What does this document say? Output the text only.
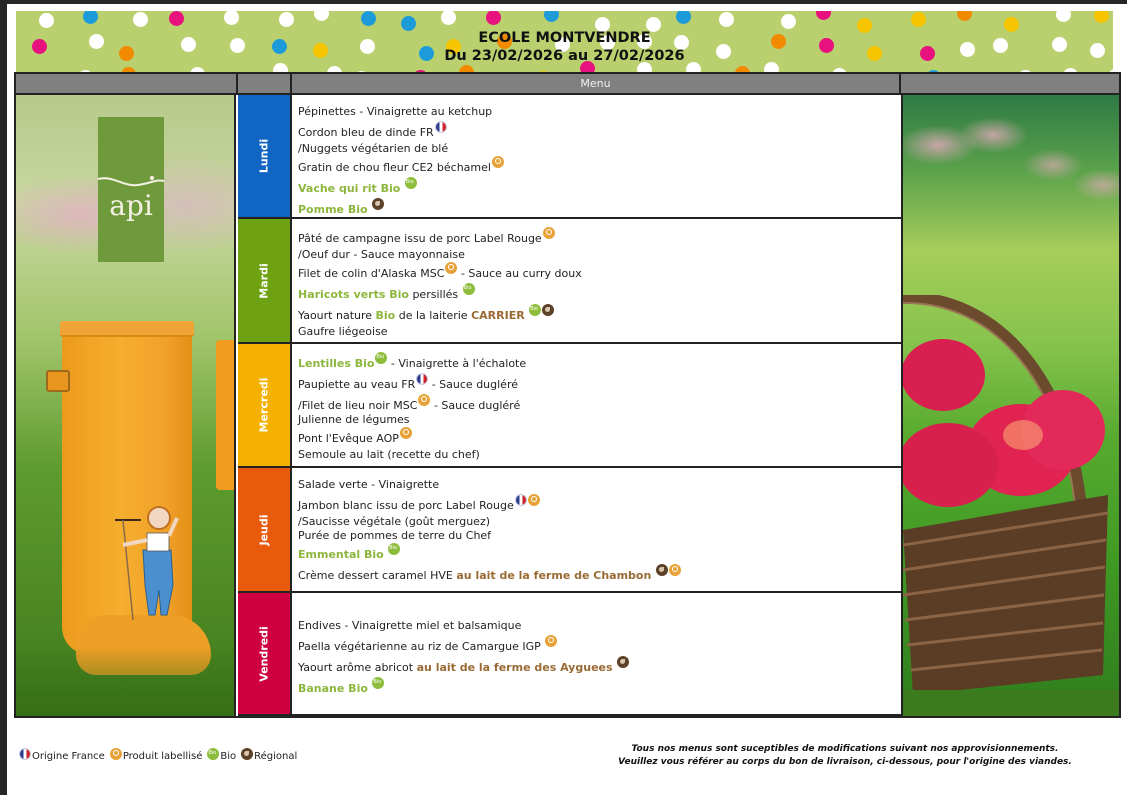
ECOLE MONTVENDRE
Du 23/02/2026 au 27/02/2026
Menu
api
Lundi
Pépinettes - Vinaigrette au ketchup
Cordon bleu de dinde FR
/Nuggets végétarien de blé
Gratin de chou fleur CE2 béchamel
Vache qui rit Bio Bio
Pomme Bio
Mardi
Pâté de campagne issu de porc Label Rouge
/Oeuf dur - Sauce mayonnaise
Filet de colin d'Alaska MSC - Sauce au curry doux
Haricots verts Bio persillés Bio
Yaourt nature Bio de la laiterie CARRIER Bio
Gaufre liégeoise
Mercredi
Lentilles BioBio - Vinaigrette à l'échalote
Paupiette au veau FR - Sauce dugléré
/Filet de lieu noir MSC - Sauce dugléré
Julienne de légumes
Pont l'Evêque AOP
Semoule au lait (recette du chef)
Jeudi
Salade verte - Vinaigrette
Jambon blanc issu de porc Label Rouge
/Saucisse végétale (goût merguez)
Purée de pommes de terre du Chef
Emmental Bio Bio
Crème dessert caramel HVE au lait de la ferme de Chambon
Vendredi
Endives - Vinaigrette miel et balsamique
Paella végétarienne au riz de Camargue IGP
Yaourt arôme abricot au lait de la ferme des Ayguees
Banane Bio Bio
Origine France Produit labellisé Bio Bio Régional
Tous nos menus sont suceptibles de modifications suivant nos approvisionnements.
Veuillez vous référer au corps du bon de livraison, ci-dessous, pour l'origine des viandes.
